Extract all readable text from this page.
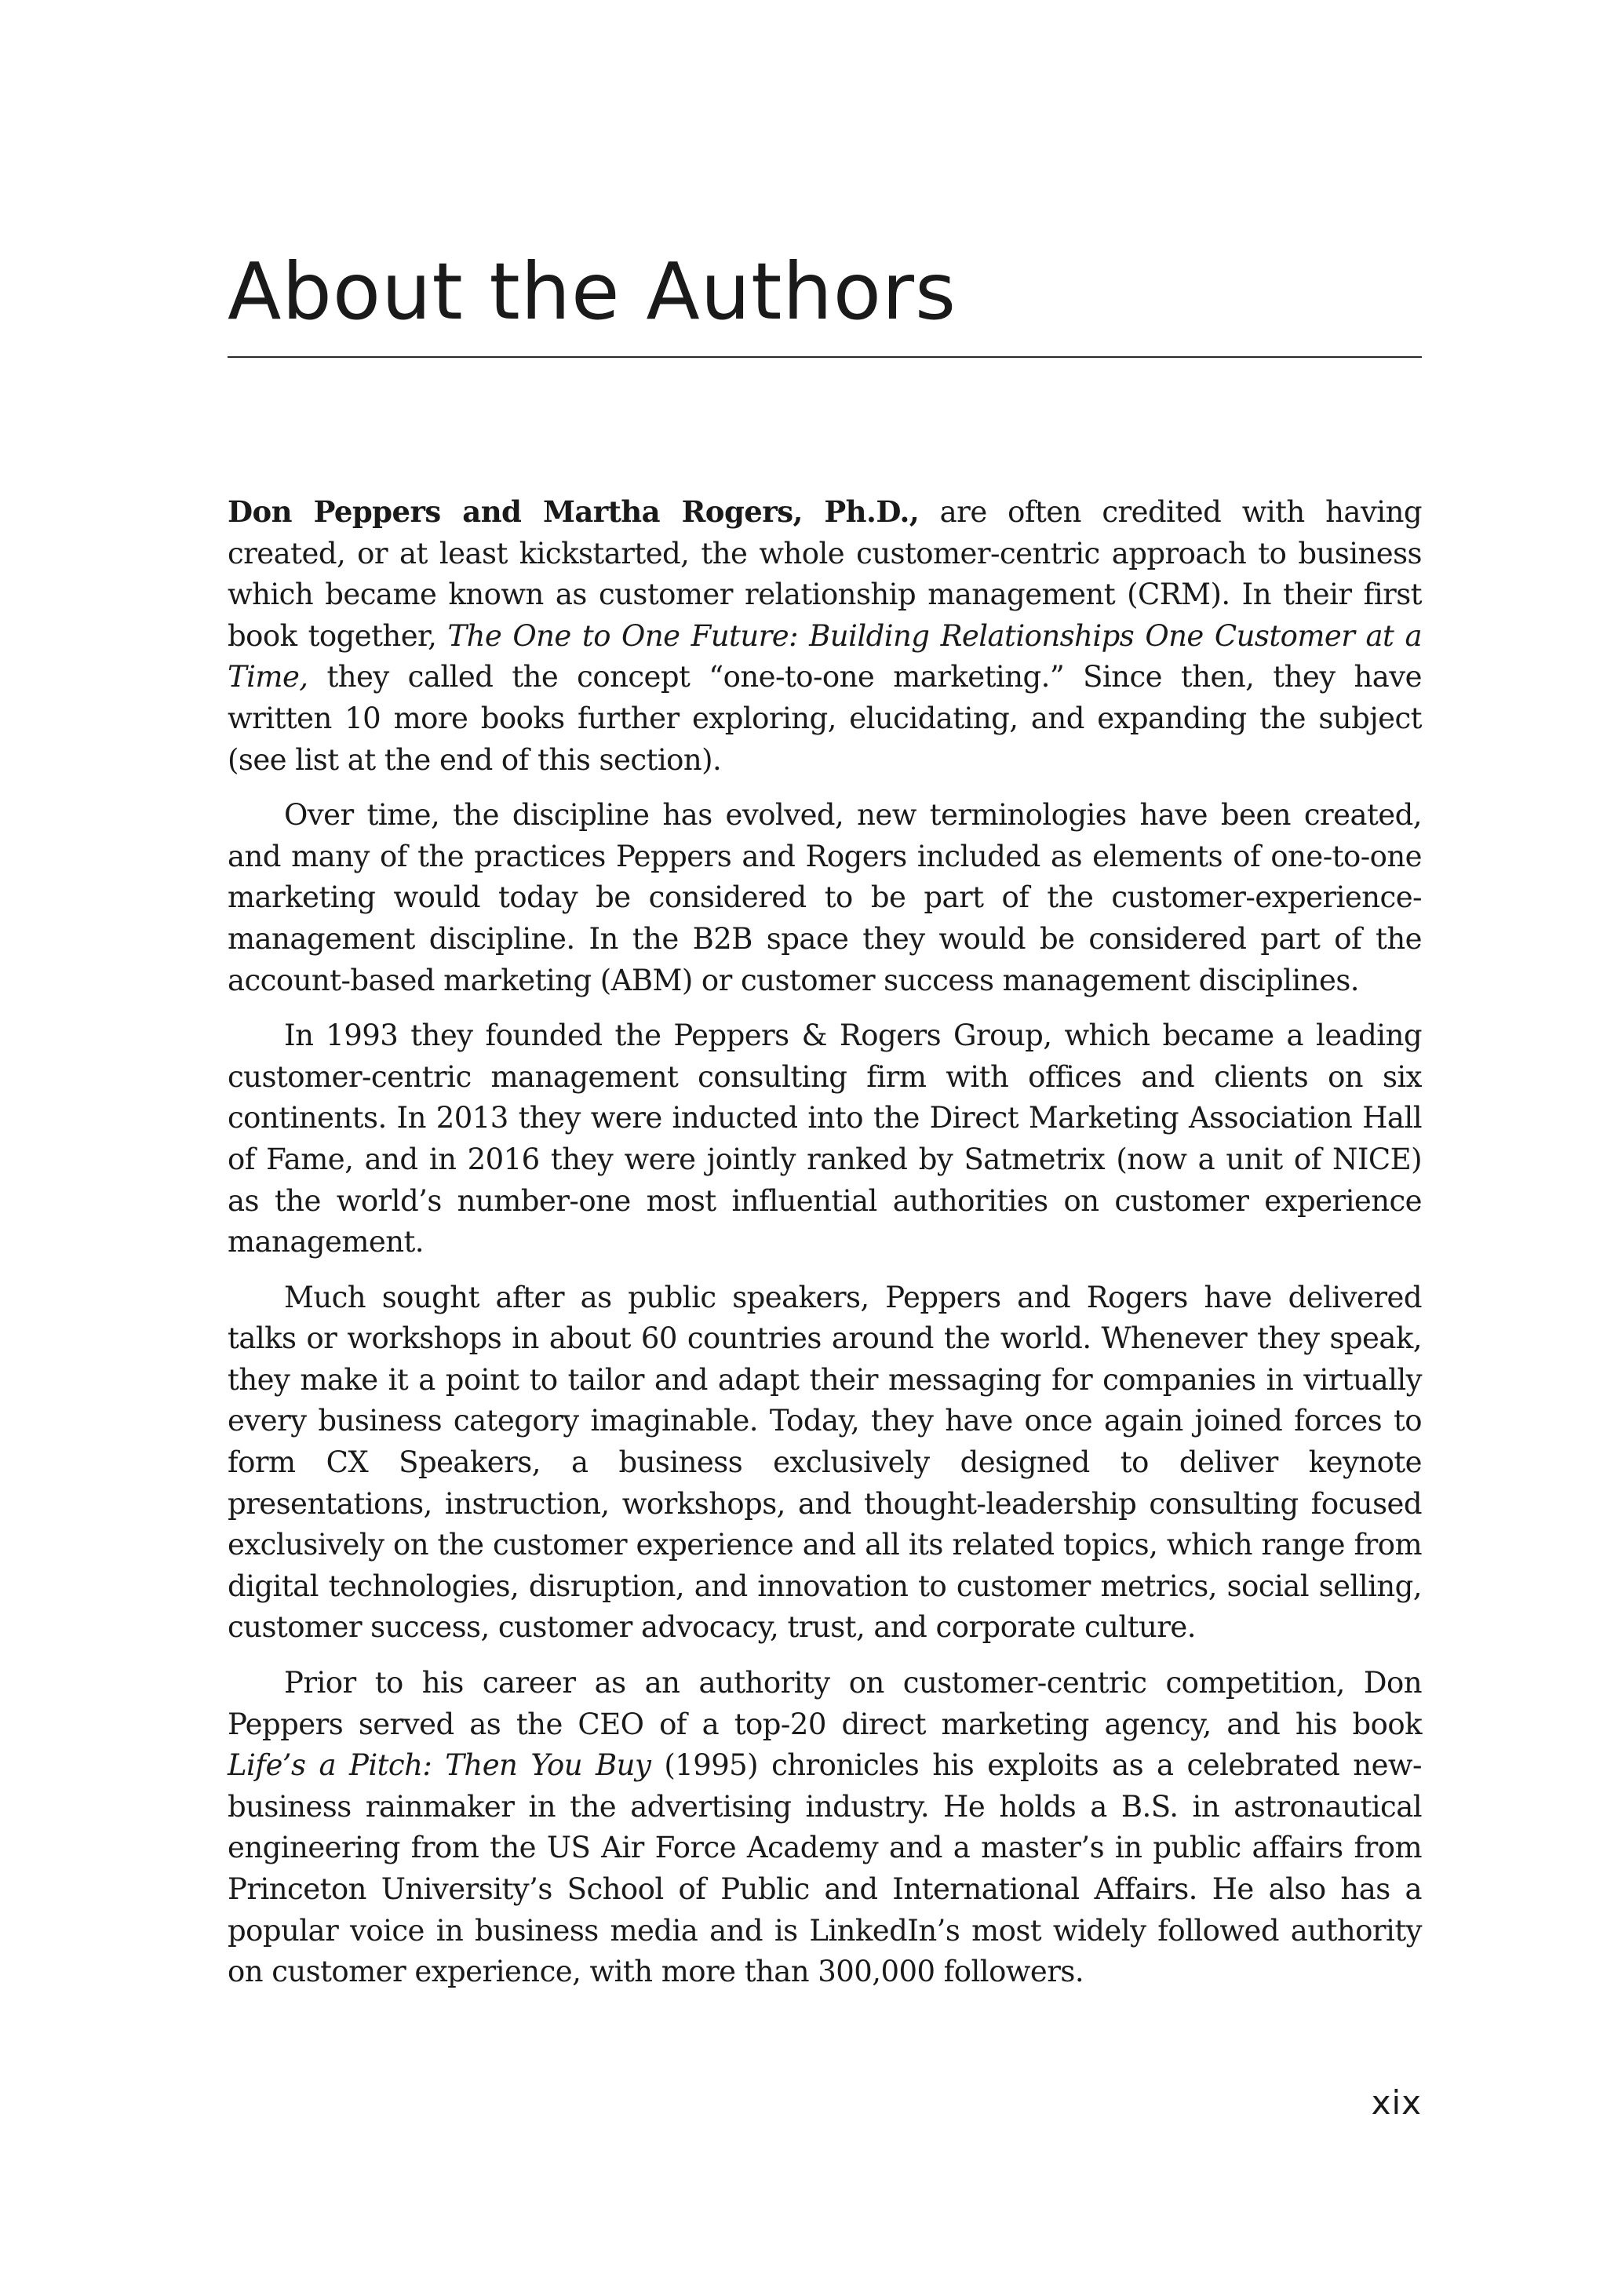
About the Authors

Don Peppers and Martha Rogers, Ph.D., are often credited with having created, or at least kickstarted, the whole customer-centric approach to business which became known as customer relationship management (CRM). In their first book together, The One to One Future: Building Relationships One Customer at a Time, they called the concept “one-to-one marketing.” Since then, they have written 10 more books further exploring, elucidating, and expanding the subject (see list at the end of this section).

Over time, the discipline has evolved, new terminologies have been created, and many of the practices Peppers and Rogers included as elements of one-to-one marketing would today be considered to be part of the customer-experience-management discipline. In the B2B space they would be considered part of the account-based marketing (ABM) or customer success management disciplines.

In 1993 they founded the Peppers & Rogers Group, which became a leading customer-centric management consulting firm with offices and clients on six continents. In 2013 they were inducted into the Direct Marketing Association Hall of Fame, and in 2016 they were jointly ranked by Satmetrix (now a unit of NICE) as the world’s number-one most influential authorities on customer experience management.

Much sought after as public speakers, Peppers and Rogers have delivered talks or workshops in about 60 countries around the world. Whenever they speak, they make it a point to tailor and adapt their messaging for companies in virtually every business category imaginable. Today, they have once again joined forces to form CX Speakers, a business exclusively designed to deliver keynote presentations, instruction, workshops, and thought-leadership consulting focused exclusively on the customer experience and all its related topics, which range from digital technologies, disruption, and innovation to customer metrics, social selling, customer success, customer advocacy, trust, and corporate culture.

Prior to his career as an authority on customer-centric competition, Don Peppers served as the CEO of a top-20 direct marketing agency, and his book Life’s a Pitch: Then You Buy (1995) chronicles his exploits as a celebrated new-business rainmaker in the advertising industry. He holds a B.S. in astronautical engineering from the US Air Force Academy and a master’s in public affairs from Princeton University’s School of Public and International Affairs. He also has a popular voice in business media and is LinkedIn’s most widely followed authority on customer experience, with more than 300,000 followers.

xix
